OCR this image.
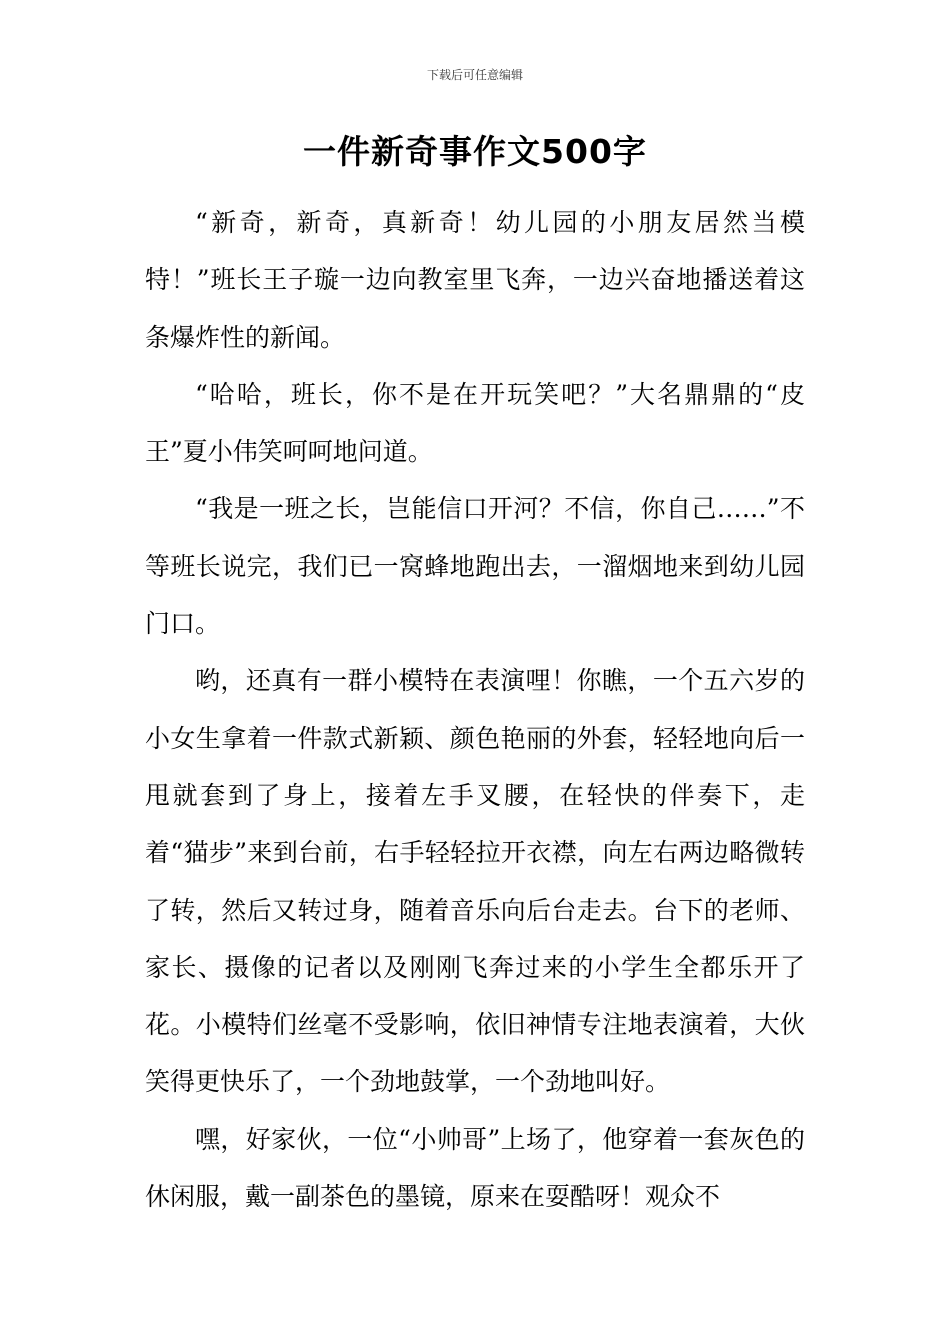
下载后可任意编辑
一件新奇事作文500字

“新奇，新奇，真新奇！幼儿园的小朋友居然当模特！”班长王子璇一边向教室里飞奔，一边兴奋地播送着这条爆炸性的新闻。

“哈哈，班长，你不是在开玩笑吧？”大名鼎鼎的“皮王”夏小伟笑呵呵地问道。

“我是一班之长，岂能信口开河？不信，你自己……”不等班长说完，我们已一窝蜂地跑出去，一溜烟地来到幼儿园门口。

哟，还真有一群小模特在表演哩！你瞧，一个五六岁的小女生拿着一件款式新颖、颜色艳丽的外套，轻轻地向后一甩就套到了身上，接着左手叉腰，在轻快的伴奏下，走着“猫步”来到台前，右手轻轻拉开衣襟，向左右两边略微转了转，然后又转过身，随着音乐向后台走去。台下的老师、家长、摄像的记者以及刚刚飞奔过来的小学生全都乐开了花。小模特们丝毫不受影响，依旧神情专注地表演着，大伙笑得更快乐了，一个劲地鼓掌，一个劲地叫好。

嘿，好家伙，一位“小帅哥”上场了，他穿着一套灰色的休闲服，戴一副茶色的墨镜，原来在耍酷呀！观众不
